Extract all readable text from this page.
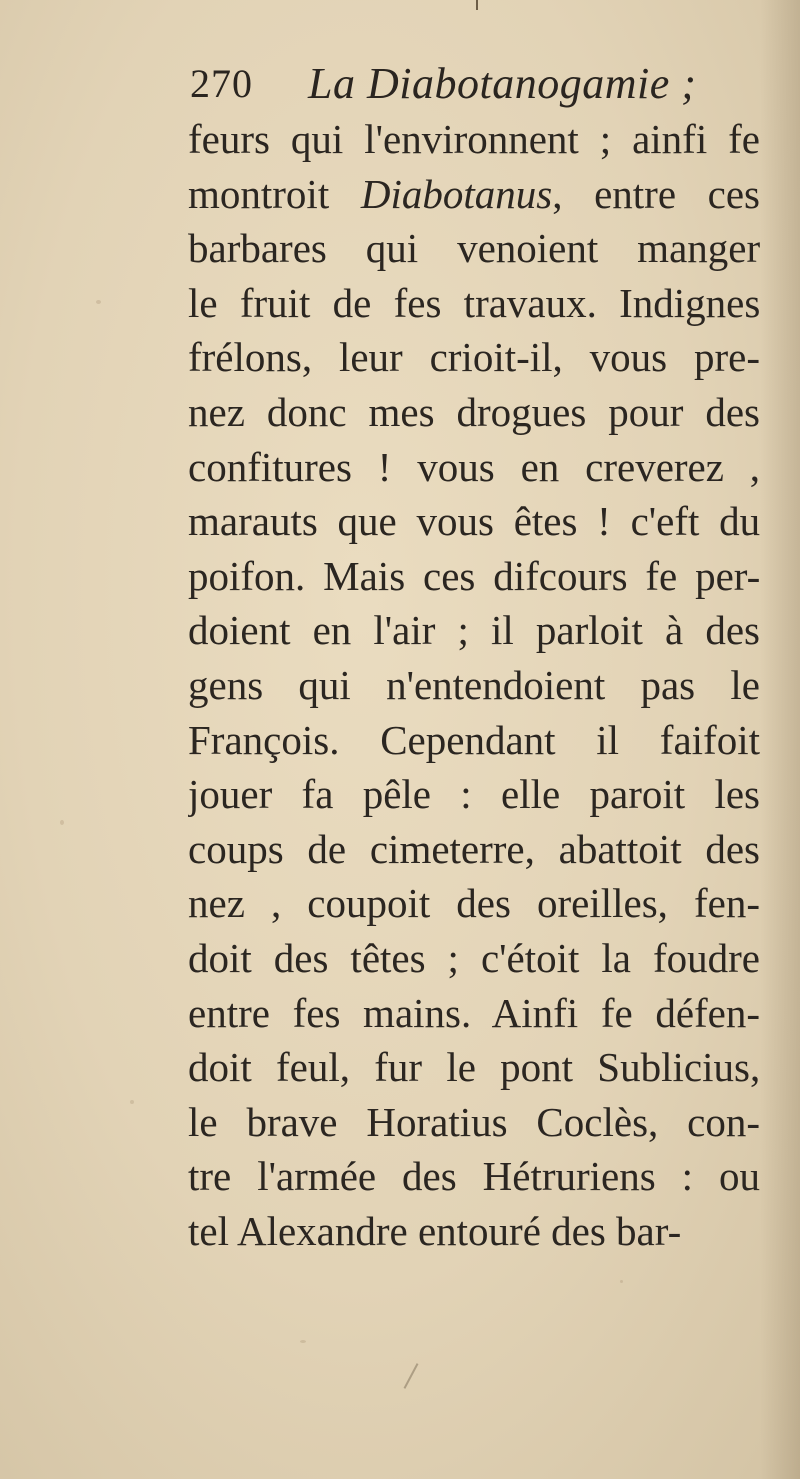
270 La Diabotanogamie ;
feurs qui l'environnent ; ainfi fe
montroit Diabotanus, entre ces
barbares qui venoient manger
le fruit de fes travaux. Indignes
frélons, leur crioit-il, vous pre-
nez donc mes drogues pour des
confitures ! vous en creverez ,
marauts que vous êtes ! c'eft du
poifon. Mais ces difcours fe per-
doient en l'air ; il parloit à des
gens qui n'entendoient pas le
François. Cependant il faifoit
jouer fa pêle : elle paroit les
coups de cimeterre, abattoit des
nez , coupoit des oreilles, fen-
doit des têtes ; c'étoit la foudre
entre fes mains. Ainfi fe défen-
doit feul, fur le pont Sublicius,
le brave Horatius Coclès, con-
tre l'armée des Hétruriens : ou
tel Alexandre entouré des bar-
